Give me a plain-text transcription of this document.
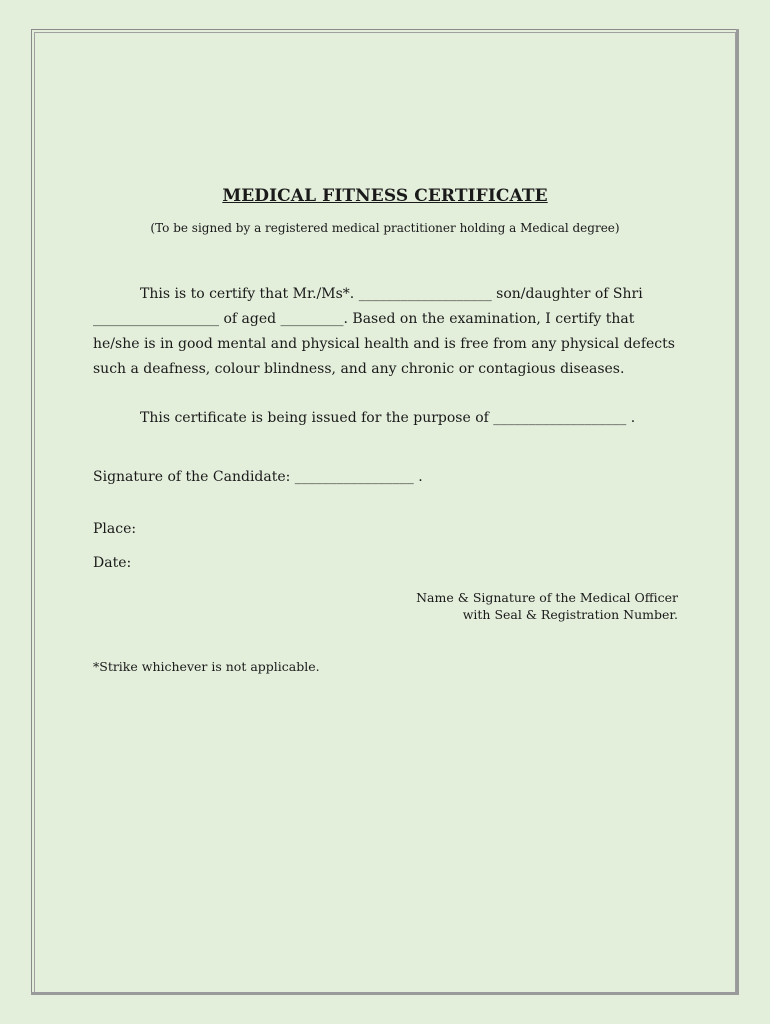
MEDICAL FITNESS CERTIFICATE
(To be signed by a registered medical practitioner holding a Medical degree)
This is to certify that Mr./Ms*. ___________________ son/daughter of Shri
__________________ of aged _________. Based on the examination, I certify that
he/she is in good mental and physical health and is free from any physical defects
such a deafness, colour blindness, and any chronic or contagious diseases.
This certificate is being issued for the purpose of ___________________ .
Signature of the Candidate: _________________ .
Place:
Date:
Name & Signature of the Medical Officer
with Seal & Registration Number.
*Strike whichever is not applicable.
